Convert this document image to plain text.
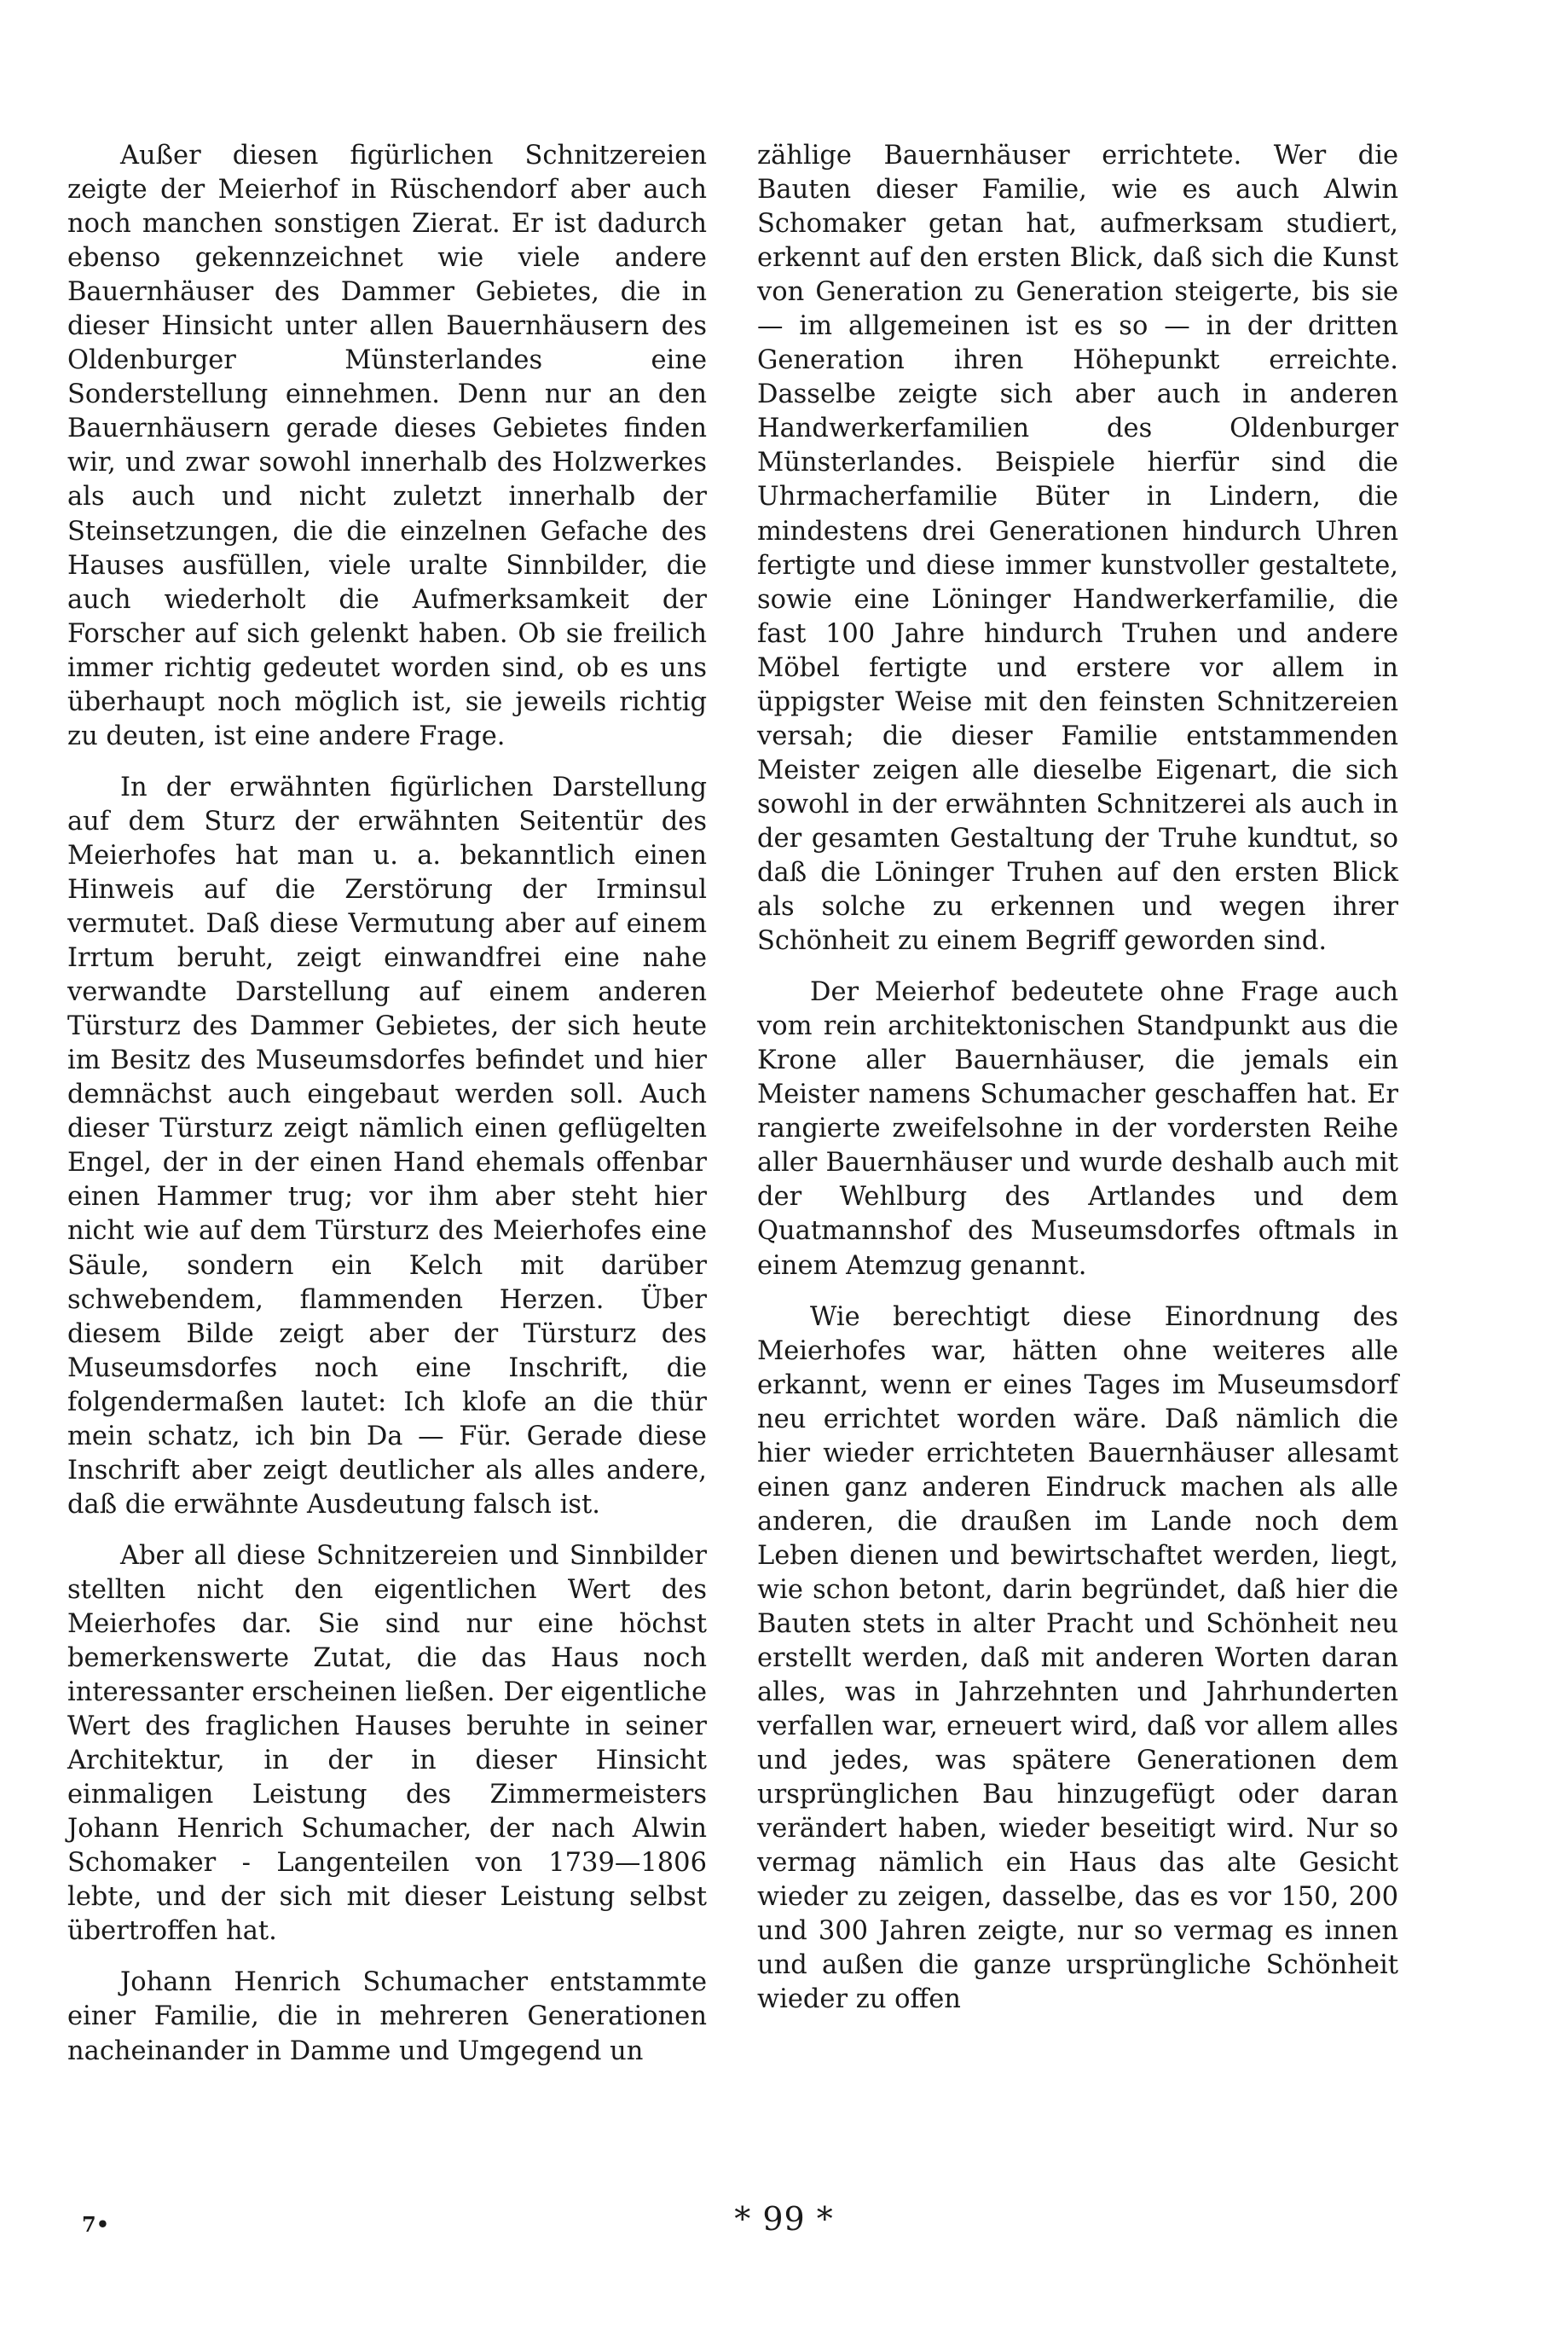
Außer diesen figürlichen Schnitzereien zeigte der Meierhof in Rüschendorf aber auch noch manchen sonstigen Zierat. Er ist dadurch ebenso gekennzeichnet wie viele andere Bauernhäuser des Dammer Gebietes, die in dieser Hinsicht unter allen Bauernhäusern des Oldenburger Münsterlandes eine Sonderstellung einnehmen. Denn nur an den Bauernhäusern gerade dieses Gebietes finden wir, und zwar sowohl innerhalb des Holzwerkes als auch und nicht zuletzt innerhalb der Steinsetzungen, die die einzelnen Gefache des Hauses ausfüllen, viele uralte Sinnbilder, die auch wiederholt die Aufmerksamkeit der Forscher auf sich gelenkt haben. Ob sie freilich immer richtig gedeutet worden sind, ob es uns überhaupt noch möglich ist, sie jeweils richtig zu deuten, ist eine andere Frage.

In der erwähnten figürlichen Darstellung auf dem Sturz der erwähnten Seitentür des Meierhofes hat man u. a. bekanntlich einen Hinweis auf die Zerstörung der Irminsul vermutet. Daß diese Vermutung aber auf einem Irrtum beruht, zeigt einwandfrei eine nahe verwandte Darstellung auf einem anderen Türsturz des Dammer Gebietes, der sich heute im Besitz des Museumsdorfes befindet und hier demnächst auch eingebaut werden soll. Auch dieser Türsturz zeigt nämlich einen geflügelten Engel, der in der einen Hand ehemals offenbar einen Hammer trug; vor ihm aber steht hier nicht wie auf dem Türsturz des Meierhofes eine Säule, sondern ein Kelch mit darüber schwebendem, flammenden Herzen. Über diesem Bilde zeigt aber der Türsturz des Museumsdorfes noch eine Inschrift, die folgendermaßen lautet: Ich klofe an die thür mein schatz, ich bin Da — Für. Gerade diese Inschrift aber zeigt deutlicher als alles andere, daß die erwähnte Ausdeutung falsch ist.

Aber all diese Schnitzereien und Sinnbilder stellten nicht den eigentlichen Wert des Meierhofes dar. Sie sind nur eine höchst bemerkenswerte Zutat, die das Haus noch interessanter erscheinen ließen. Der eigentliche Wert des fraglichen Hauses beruhte in seiner Architektur, in der in dieser Hinsicht einmaligen Leistung des Zimmermeisters Johann Henrich Schumacher, der nach Alwin Schomaker - Langenteilen von 1739—1806 lebte, und der sich mit dieser Leistung selbst übertroffen hat.

Johann Henrich Schumacher entstammte einer Familie, die in mehreren Generationen nacheinander in Damme und Umgegend un

zählige Bauernhäuser errichtete. Wer die Bauten dieser Familie, wie es auch Alwin Schomaker getan hat, aufmerksam studiert, erkennt auf den ersten Blick, daß sich die Kunst von Generation zu Generation steigerte, bis sie — im allgemeinen ist es so — in der dritten Generation ihren Höhepunkt erreichte. Dasselbe zeigte sich aber auch in anderen Handwerkerfamilien des Oldenburger Münsterlandes. Beispiele hierfür sind die Uhrmacherfamilie Büter in Lindern, die mindestens drei Generationen hindurch Uhren fertigte und diese immer kunstvoller gestaltete, sowie eine Löninger Handwerkerfamilie, die fast 100 Jahre hindurch Truhen und andere Möbel fertigte und erstere vor allem in üppigster Weise mit den feinsten Schnitzereien versah; die dieser Familie entstammenden Meister zeigen alle dieselbe Eigenart, die sich sowohl in der erwähnten Schnitzerei als auch in der gesamten Gestaltung der Truhe kundtut, so daß die Löninger Truhen auf den ersten Blick als solche zu erkennen und wegen ihrer Schönheit zu einem Begriff geworden sind.

Der Meierhof bedeutete ohne Frage auch vom rein architektonischen Standpunkt aus die Krone aller Bauernhäuser, die jemals ein Meister namens Schumacher geschaffen hat. Er rangierte zweifelsohne in der vordersten Reihe aller Bauernhäuser und wurde deshalb auch mit der Wehlburg des Artlandes und dem Quatmannshof des Museumsdorfes oftmals in einem Atemzug genannt.

Wie berechtigt diese Einordnung des Meierhofes war, hätten ohne weiteres alle erkannt, wenn er eines Tages im Museumsdorf neu errichtet worden wäre. Daß nämlich die hier wieder errichteten Bauernhäuser allesamt einen ganz anderen Eindruck machen als alle anderen, die draußen im Lande noch dem Leben dienen und bewirtschaftet werden, liegt, wie schon betont, darin begründet, daß hier die Bauten stets in alter Pracht und Schönheit neu erstellt werden, daß mit anderen Worten daran alles, was in Jahrzehnten und Jahrhunderten verfallen war, erneuert wird, daß vor allem alles und jedes, was spätere Generationen dem ursprünglichen Bau hinzugefügt oder daran verändert haben, wieder beseitigt wird. Nur so vermag nämlich ein Haus das alte Gesicht wieder zu zeigen, dasselbe, das es vor 150, 200 und 300 Jahren zeigte, nur so vermag es innen und außen die ganze ursprüngliche Schönheit wieder zu offen

7•	* 99 *
